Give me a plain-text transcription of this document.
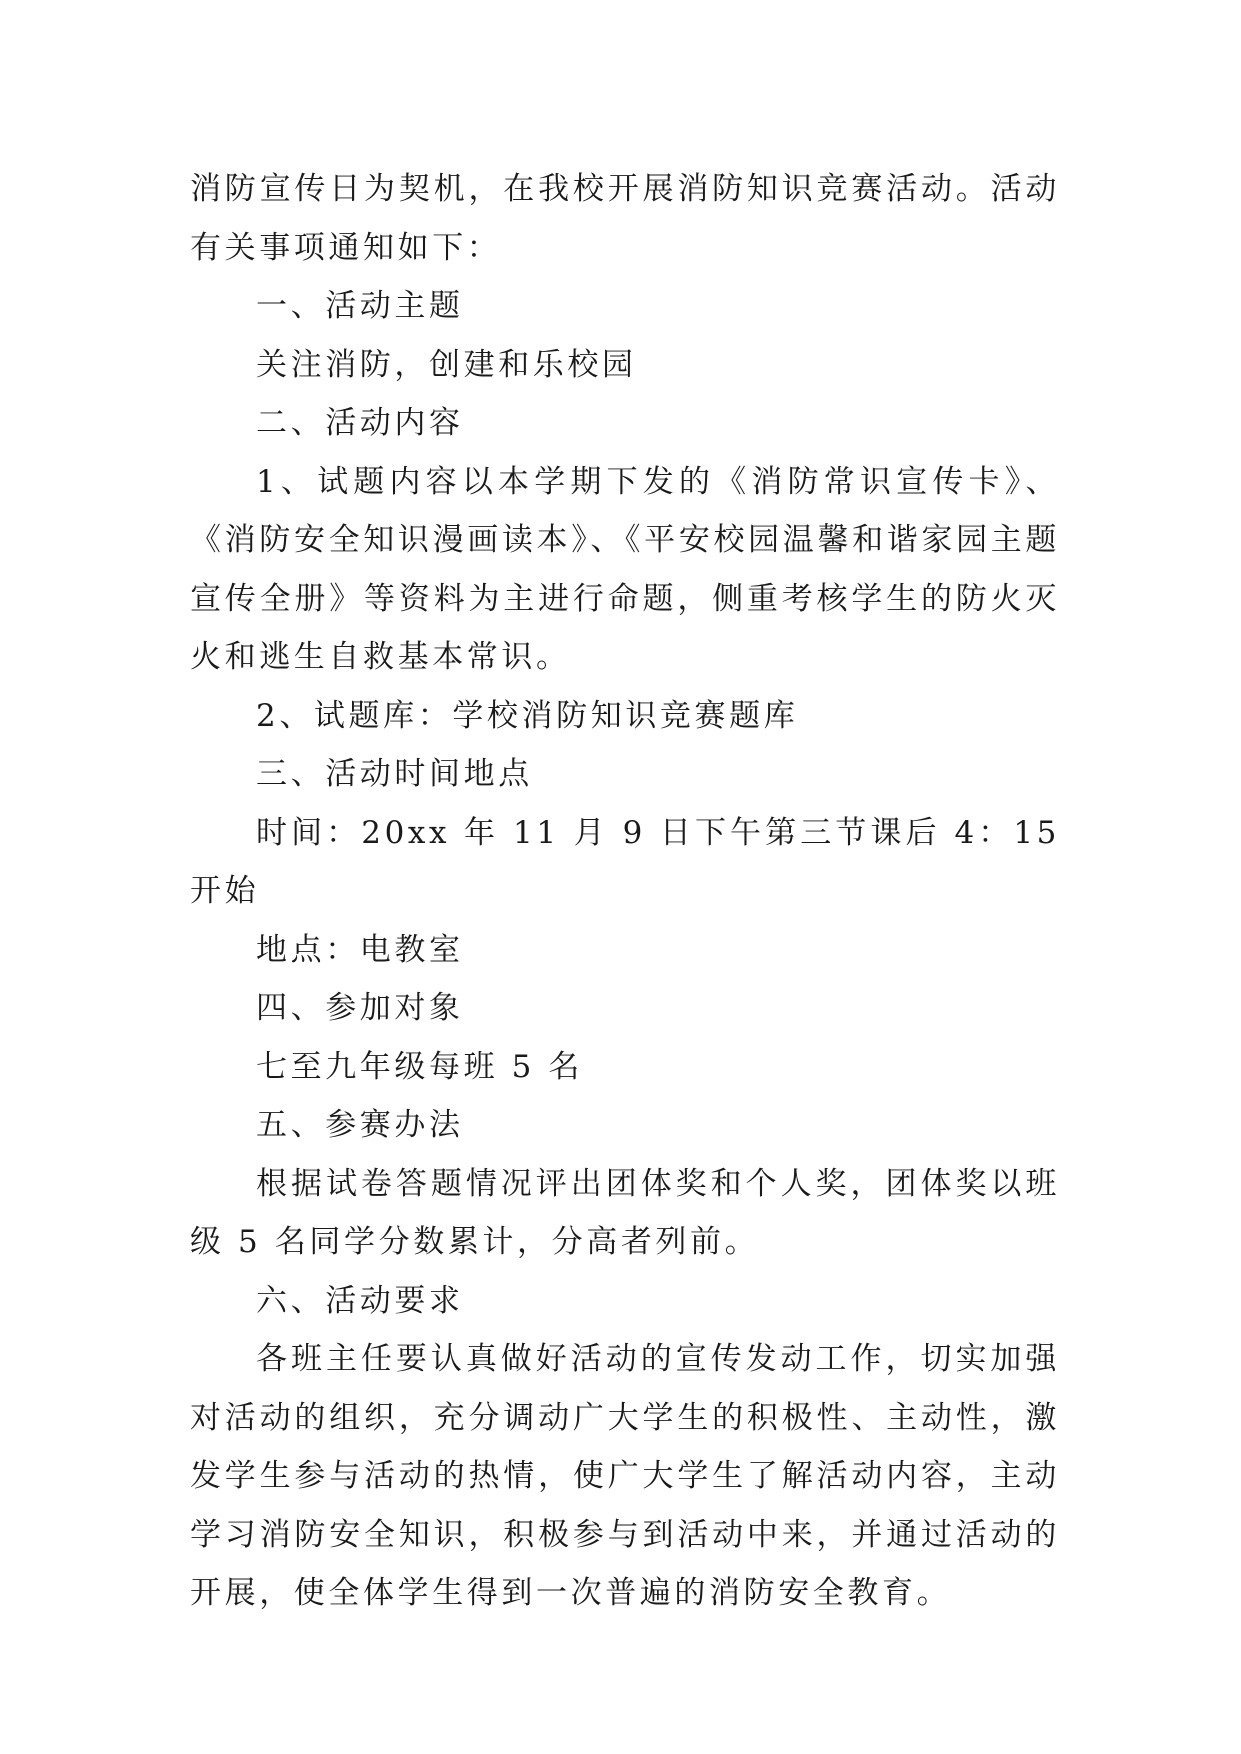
消防宣传日为契机，在我校开展消防知识竞赛活动。活动有关事项通知如下：

一、活动主题

关注消防，创建和乐校园

二、活动内容

1、试题内容以本学期下发的《消防常识宣传卡》、《消防安全知识漫画读本》、《平安校园温馨和谐家园主题宣传全册》等资料为主进行命题，侧重考核学生的防火灭火和逃生自救基本常识。

2、试题库：学校消防知识竞赛题库

三、活动时间地点

时间：20xx 年 11 月 9 日下午第三节课后 4：15 开始

地点：电教室

四、参加对象

七至九年级每班 5 名

五、参赛办法

根据试卷答题情况评出团体奖和个人奖，团体奖以班级 5 名同学分数累计，分高者列前。

六、活动要求

各班主任要认真做好活动的宣传发动工作，切实加强对活动的组织，充分调动广大学生的积极性、主动性，激发学生参与活动的热情，使广大学生了解活动内容，主动学习消防安全知识，积极参与到活动中来，并通过活动的开展，使全体学生得到一次普遍的消防安全教育。
